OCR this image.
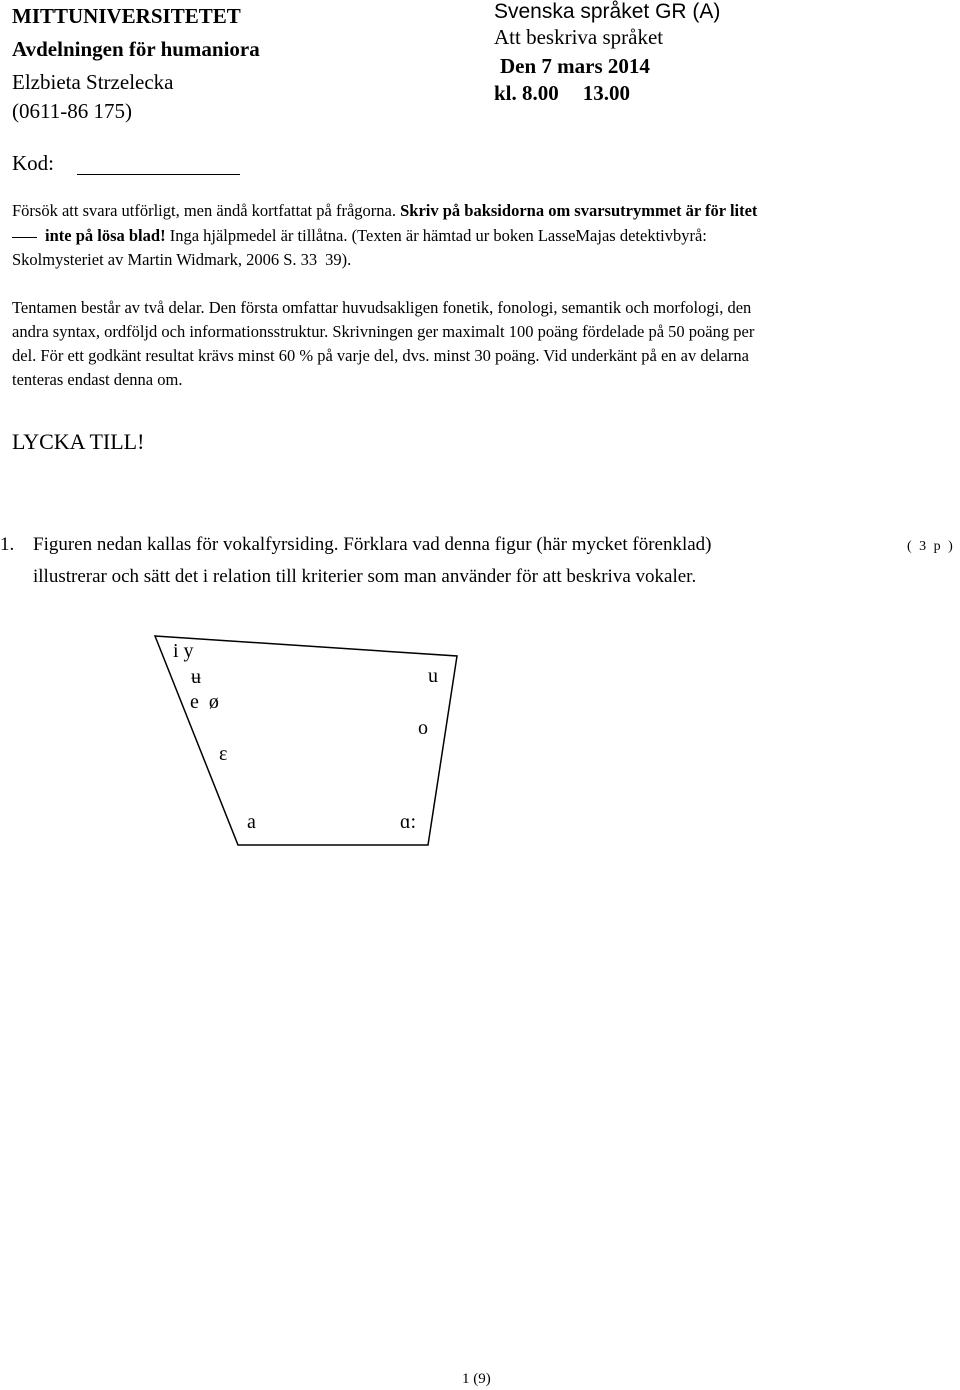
MITTUNIVERSITETET
Avdelningen för humaniora
Elzbieta Strzelecka
(0611-86 175)
Svenska språket GR (A)
Att beskriva språket
Den 7 mars 2014
kl. 8.00 13.00
Kod:
Försök att svara utförligt, men ändå kortfattat på frågorna. Skriv på baksidorna om svarsutrymmet är för litet
inte på lösa blad! Inga hjälpmedel är tillåtna. (Texten är hämtad ur boken LasseMajas detektivbyrå:
Skolmysteriet av Martin Widmark, 2006 S. 33 39).
Tentamen består av två delar. Den första omfattar huvudsakligen fonetik, fonologi, semantik och morfologi, den
andra syntax, ordföljd och informationsstruktur. Skrivningen ger maximalt 100 poäng fördelade på 50 poäng per
del. För ett godkänt resultat krävs minst 60 % på varje del, dvs. minst 30 poäng. Vid underkänt på en av delarna
tenteras endast denna om.
LYCKA TILL!
1. Figuren nedan kallas för vokalfyrsiding. Förklara vad denna figur (här mycket förenklad)
illustrerar och sätt det i relation till kriterier som man använder för att beskriva vokaler.
( 3 p )
i y
ʉ	u
e  ø
o
ɛ
a	ɑ:
1 (9)
